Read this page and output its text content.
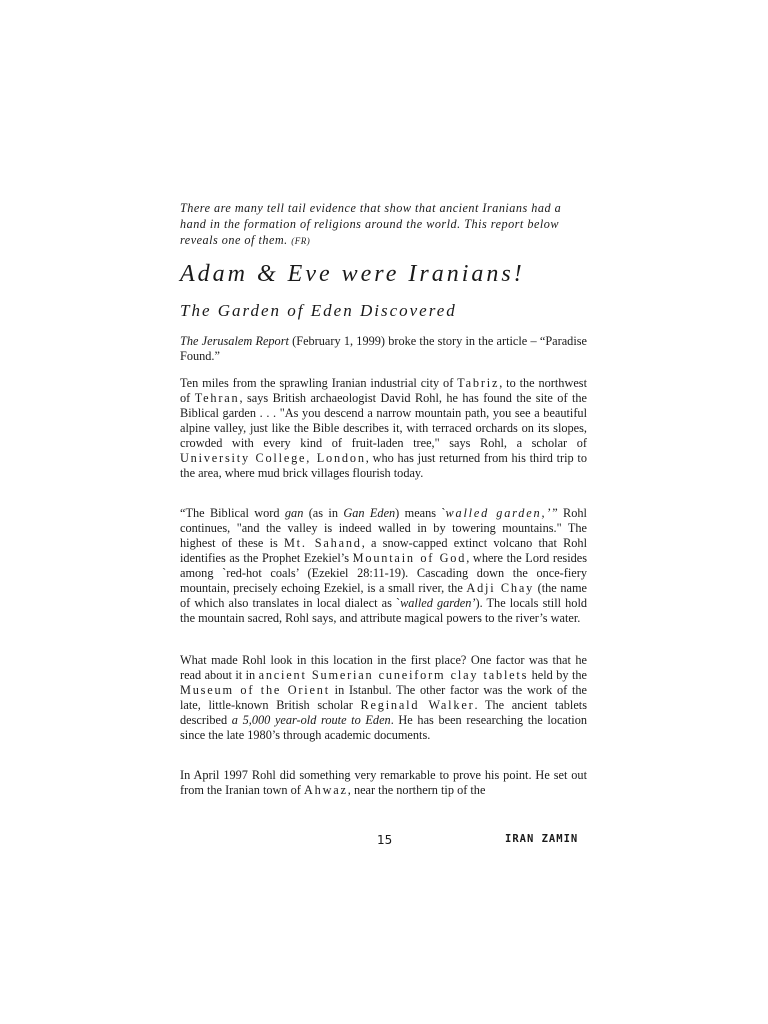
There are many tell tail evidence that show that ancient Iranians had a hand in the formation of religions around the world. This report below reveals one of them. (FR)
Adam & Eve were Iranians!
The Garden of Eden Discovered

The Jerusalem Report (February 1, 1999) broke the story in the article – “Paradise Found.”

Ten miles from the sprawling Iranian industrial city of Tabriz, to the northwest of Tehran, says British archaeologist David Rohl, he has found the site of the Biblical garden . . . "As you descend a narrow mountain path, you see a beautiful alpine valley, just like the Bible describes it, with terraced orchards on its slopes, crowded with every kind of fruit-laden tree," says Rohl, a scholar of University College, London, who has just returned from his third trip to the area, where mud brick villages flourish today.

“The Biblical word gan (as in Gan Eden) means `walled garden,’” Rohl continues, "and the valley is indeed walled in by towering mountains." The highest of these is Mt. Sahand, a snow-capped extinct volcano that Rohl identifies as the Prophet Ezekiel’s Mountain of God, where the Lord resides among `red-hot coals’ (Ezekiel 28:11-19). Cascading down the once-fiery mountain, precisely echoing Ezekiel, is a small river, the Adji Chay (the name of which also translates in local dialect as `walled garden’). The locals still hold the mountain sacred, Rohl says, and attribute magical powers to the river’s water.

What made Rohl look in this location in the first place? One factor was that he read about it in ancient Sumerian cuneiform clay tablets held by the Museum of the Orient in Istanbul. The other factor was the work of the late, little-known British scholar Reginald Walker. The ancient tablets described a 5,000 year-old route to Eden. He has been researching the location since the late 1980’s through academic documents.

In April 1997 Rohl did something very remarkable to prove his point. He set out from the Iranian town of Ahwaz, near the northern tip of the

15	IRAN ZAMIN
